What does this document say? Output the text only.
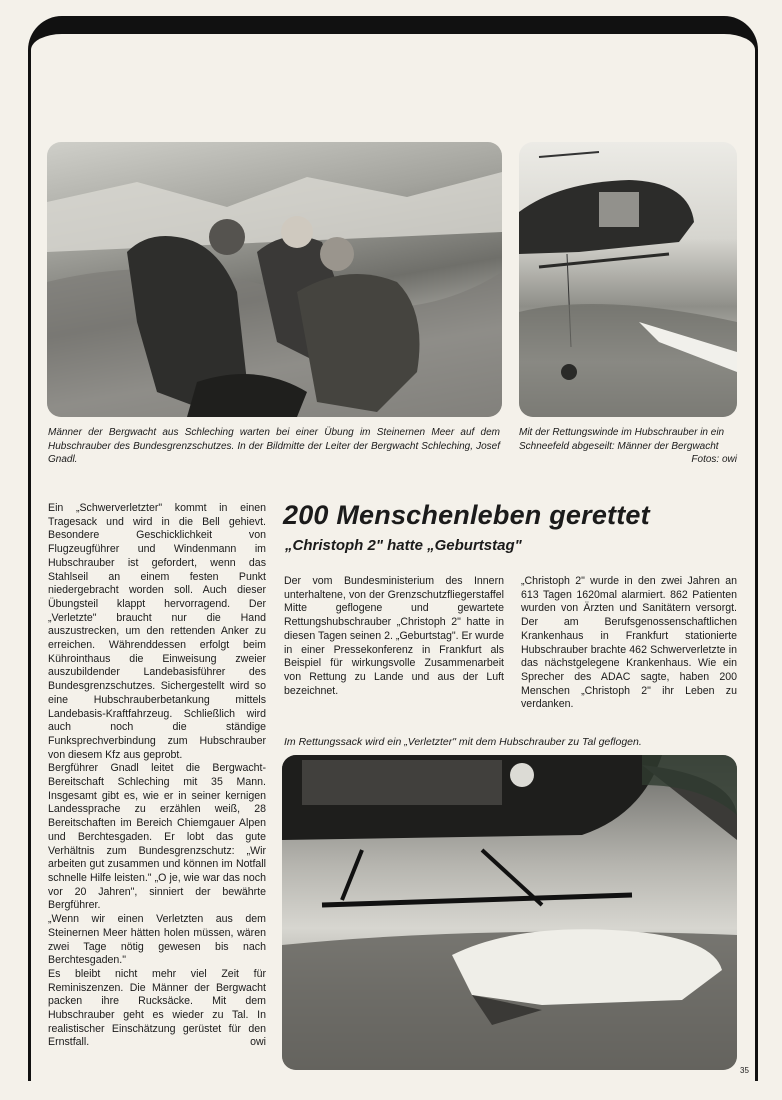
Männer der Bergwacht aus Schleching warten bei einer Übung im Steinernen Meer auf dem Hubschrauber des Bundesgrenzschutzes. In der Bildmitte der Leiter der Bergwacht Schleching, Josef Gnadl.
Mit der Rettungswinde im Hubschrauber in ein Schneefeld abgeseilt: Männer der Bergwacht
Fotos: owi

Ein „Schwerverletzter" kommt in einen Tragesack und wird in die Bell gehievt. Besondere Geschicklichkeit von Flugzeugführer und Windenmann im Hubschrauber ist gefordert, wenn das Stahlseil an einem festen Punkt niedergebracht worden soll. Auch dieser Übungsteil klappt hervorragend. Der „Verletzte" braucht nur die Hand auszustrecken, um den rettenden Anker zu erreichen. Währenddessen erfolgt beim Kührointhaus die Einweisung zweier auszubildender Landebasisführer des Bundesgrenzschutzes. Sichergestellt wird so eine Hubschrauberbetankung mittels Landebasis-Kraftfahrzeug. Schließlich wird auch noch die ständige Funksprechverbindung zum Hubschrauber von diesem Kfz aus geprobt.

Bergführer Gnadl leitet die Bergwacht-Bereitschaft Schleching mit 35 Mann. Insgesamt gibt es, wie er in seiner kernigen Landessprache zu erzählen weiß, 28 Bereitschaften im Bereich Chiemgauer Alpen und Berchtesgaden. Er lobt das gute Verhältnis zum Bundesgrenzschutz: „Wir arbeiten gut zusammen und können im Notfall schnelle Hilfe leisten." „O je, wie war das noch vor 20 Jahren", sinniert der bewährte Bergführer.

„Wenn wir einen Verletzten aus dem Steinernen Meer hätten holen müssen, wären zwei Tage nötig gewesen bis nach Berchtesgaden."

Es bleibt nicht mehr viel Zeit für Reminiszenzen. Die Männer der Bergwacht packen ihre Rucksäcke. Mit dem Hubschrauber geht es wieder zu Tal. In realistischer Einschätzung gerüstet für den Ernstfall.	owi

200 Menschenleben gerettet
„Christoph 2" hatte „Geburtstag"

Der vom Bundesministerium des Innern unterhaltene, von der Grenzschutzfliegerstaffel Mitte geflogene und gewartete Rettungshubschrauber „Christoph 2" hatte in diesen Tagen seinen 2. „Geburtstag". Er wurde in einer Pressekonferenz in Frankfurt als Beispiel für wirkungsvolle Zusammenarbeit von Rettung zu Lande und aus der Luft bezeichnet.

„Christoph 2" wurde in den zwei Jahren an 613 Tagen 1620mal alarmiert. 862 Patienten wurden von Ärzten und Sanitätern versorgt. Der am Berufsgenossenschaftlichen Krankenhaus in Frankfurt stationierte Hubschrauber brachte 462 Schwerverletzte in das nächstgelegene Krankenhaus. Wie ein Sprecher des ADAC sagte, haben 200 Menschen „Christoph 2" ihr Leben zu verdanken.

Im Rettungssack wird ein „Verletzter" mit dem Hubschrauber zu Tal geflogen.
35
